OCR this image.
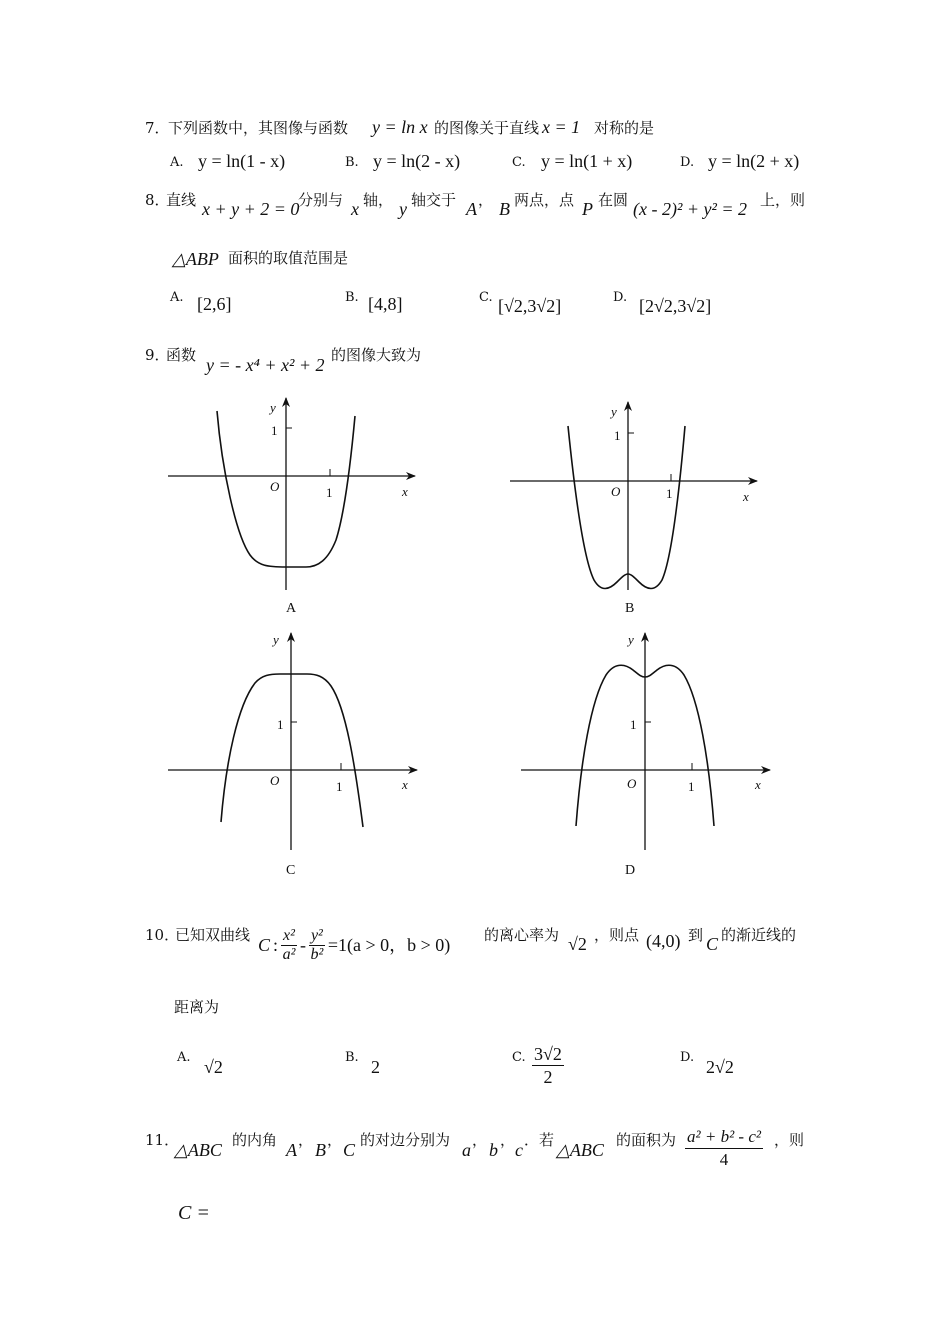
7．
下列函数中，其图像与函数 y = ln x 的图像关于直线 x = 1 对称的是
A. y = ln(1 - x)	B. y = ln(2 - x)	C. y = ln(1 + x)	D. y = ln(2 + x)
8．
直线 x + y + 2 = 0
分别与 x 轴， y 轴交于 A ， B 两点，点 P 在圆 (x - 2)² + y² = 2 上，则
△ABP 面积的取值范围是
A. [2,6]	B. [4,8]	C. [√2,3√2]	D. [2√2,3√2]
9．
函数 y = - x⁴ + x² + 2 的图像大致为
y
1
O	1	x
A
y
1
O	1	x
B
y
1
O	1	x
C
y
1
O	1	x
D
10．
已知双曲线 C : $\frac{\text{x²}}{\text{a²}} - \frac{\text{y²}}{\text{b²}} =1(a > 0$，b > 0) 的离心率为 √2 ，则点 (4,0) 到 C 的渐近线的
距离为
A. √2	B. 2	C. $\frac{3√2}{2}$	D. 2√2
11．
△ABC 的内角 A ， B ， C 的对边分别为 a ， b ， c ．若 △ABC 的面积为 $\frac{\text{a² + b² - c²}}{4}$ ，则
C =
